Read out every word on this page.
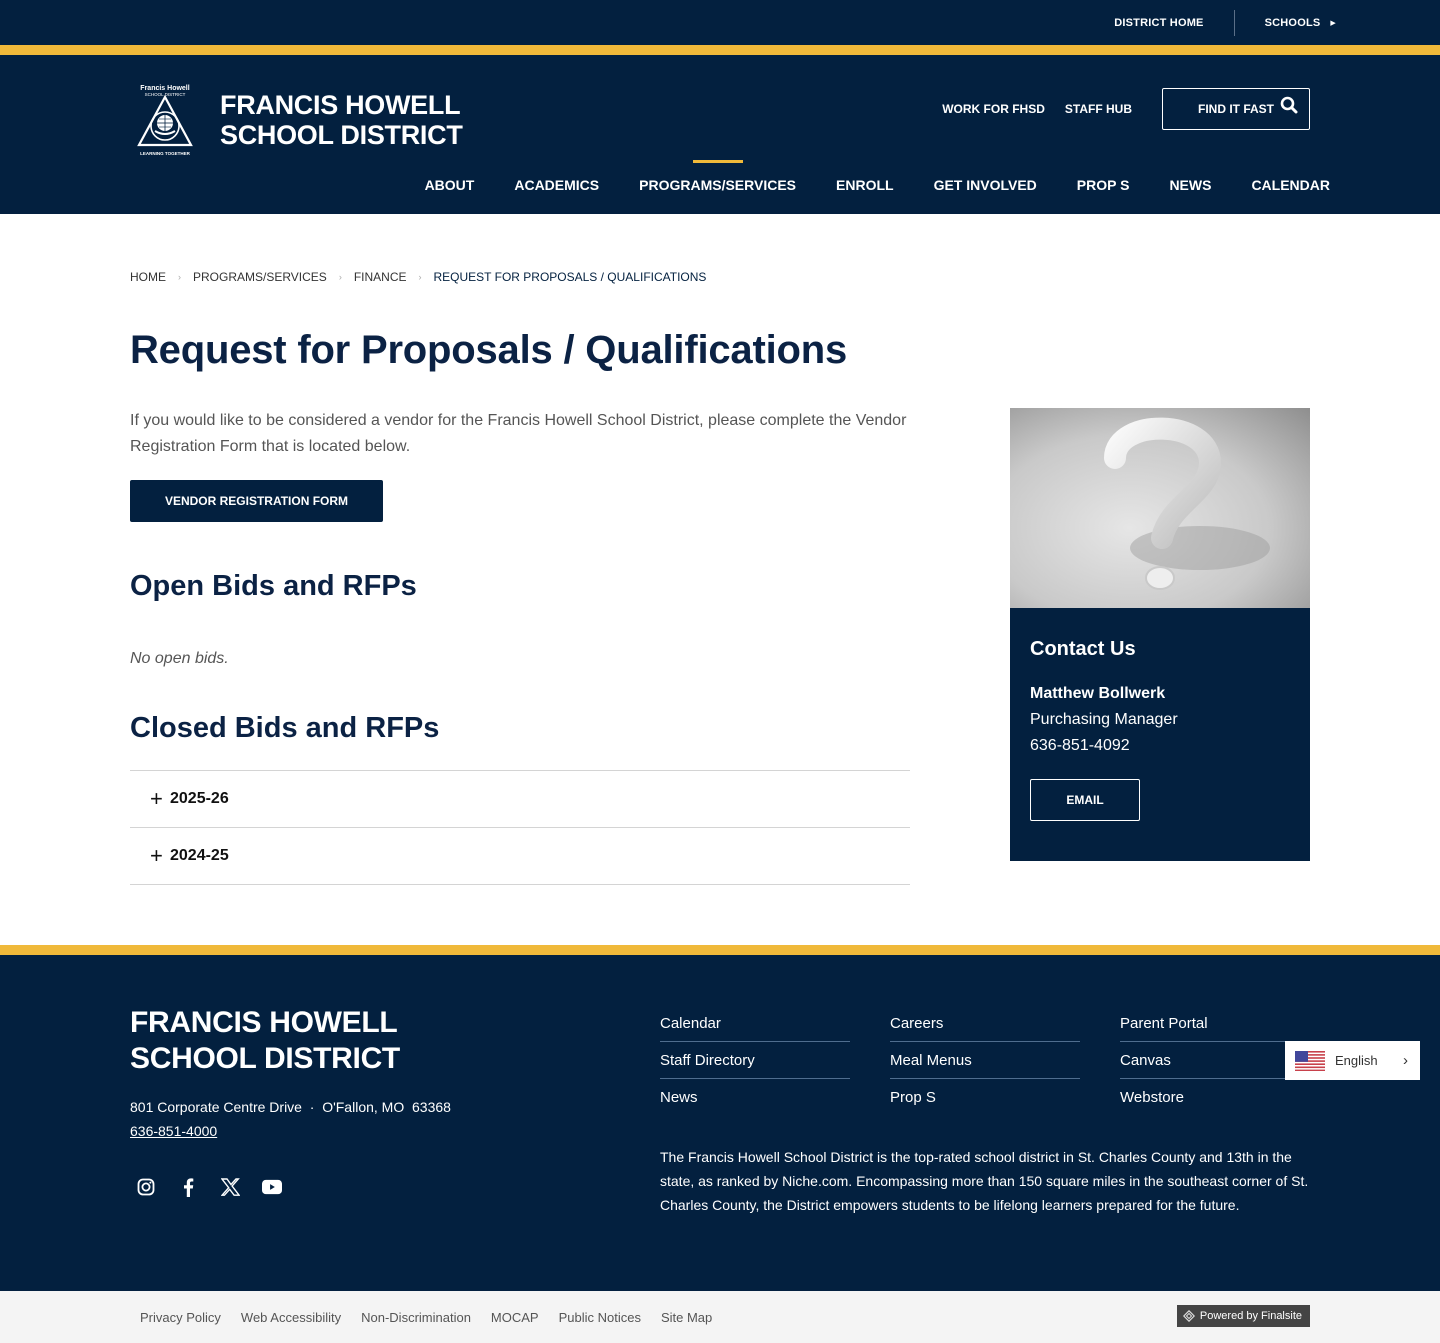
DISTRICT HOME	SCHOOLS ▶
Francis Howell
SCHOOL DISTRICT
LEARNING TOGETHER
FRANCIS HOWELL
SCHOOL DISTRICT
WORK FOR FHSD STAFF HUB	FIND IT FAST
ABOUT	ACADEMICS	PROGRAMS/SERVICES	ENROLL	GET INVOLVED	PROP S	NEWS	CALENDAR
HOME › PROGRAMS/SERVICES › FINANCE › REQUEST FOR PROPOSALS / QUALIFICATIONS
Request for Proposals / Qualifications

If you would like to be considered a vendor for the Francis Howell School District, please complete the Vendor Registration Form that is located below.

VENDOR REGISTRATION FORM
Open Bids and RFPs

No open bids.

Closed Bids and RFPs
+ 2025-26
+ 2024-25
Contact Us
Matthew Bollwerk
Purchasing Manager
636-851-4092
EMAIL
FRANCIS HOWELL
SCHOOL DISTRICT
801 Corporate Centre Drive  ·  O'Fallon, MO  63368
636-851-4000
Calendar	Careers	Parent Portal
Staff Directory	Meal Menus	Canvas
News	Prop S	Webstore

The Francis Howell School District is the top-rated school district in St. Charles County and 13th in the state, as ranked by Niche.com. Encompassing more than 150 square miles in the southeast corner of St. Charles County, the District empowers students to be lifelong learners prepared for the future.

English ›
Privacy Policy Web Accessibility Non-Discrimination MOCAP Public Notices Site Map	Powered by Finalsite
